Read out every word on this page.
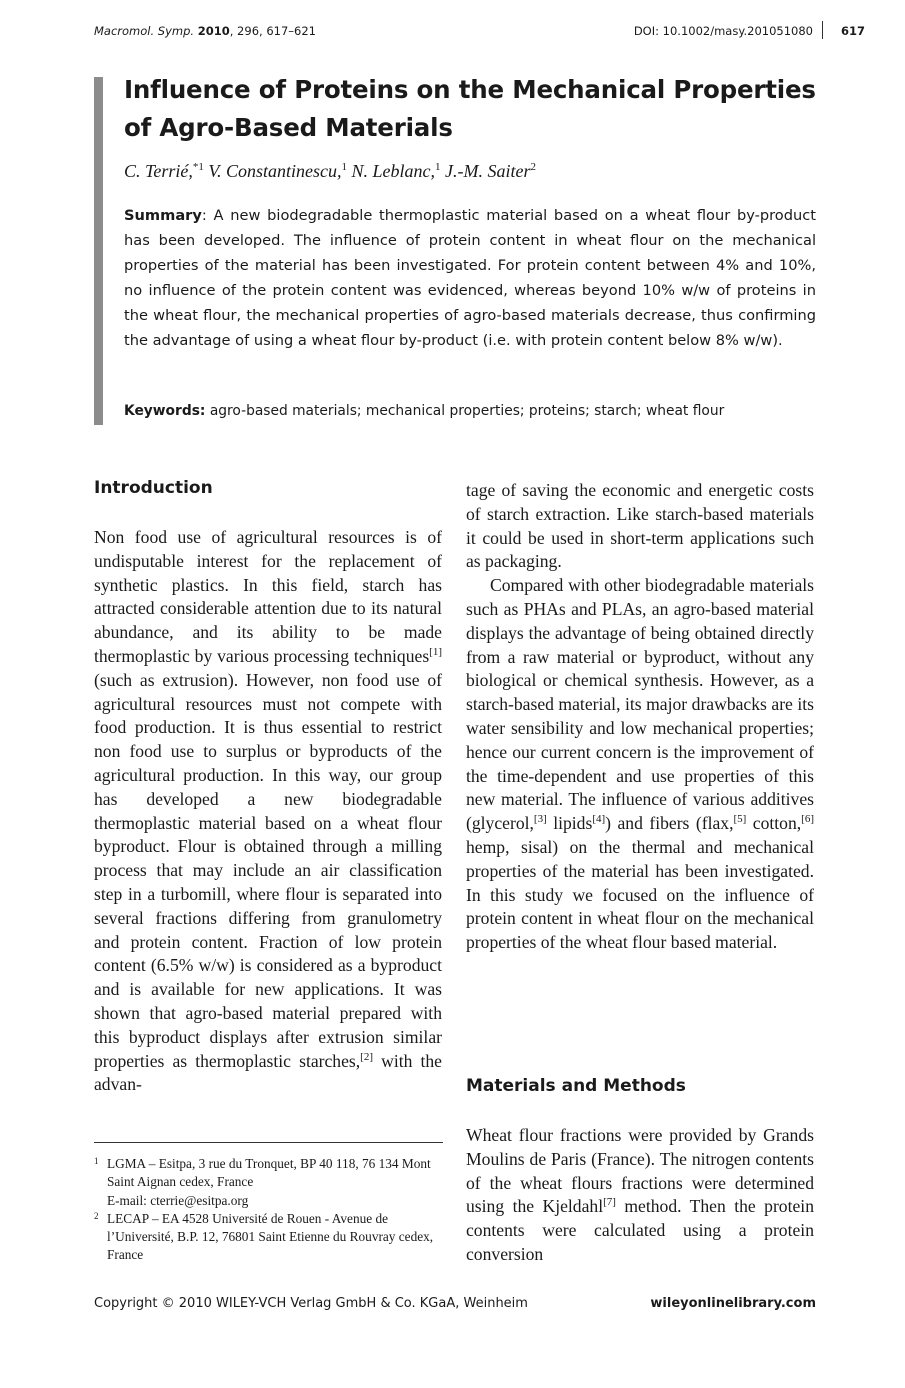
Macromol. Symp. 2010, 296, 617–621	DOI: 10.1002/masy.201051080 617
Influence of Proteins on the Mechanical Properties of Agro-Based Materials
C. Terrié,$^{*1}$ V. Constantinescu,$^1$ N. Leblanc,$^1$ J.-M. Saiter$^2$
Summary: A new biodegradable thermoplastic material based on a wheat flour by-product has been developed. The influence of protein content in wheat flour on the mechanical properties of the material has been investigated. For protein content between 4% and 10%, no influence of the protein content was evidenced, whereas beyond 10% w/w of proteins in the wheat flour, the mechanical properties of agro-based materials decrease, thus confirming the advantage of using a wheat flour by-product (i.e. with protein content below 8% w/w).
Keywords: agro-based materials; mechanical properties; proteins; starch; wheat flour
Introduction

Non food use of agricultural resources is of undisputable interest for the replacement of synthetic plastics. In this field, starch has attracted considerable attention due to its natural abundance, and its ability to be made thermoplastic by various processing techniques[1] (such as extrusion). However, non food use of agricultural resources must not compete with food production. It is thus essential to restrict non food use to surplus or byproducts of the agricultural production. In this way, our group has developed a new biodegradable thermoplastic material based on a wheat flour byproduct. Flour is obtained through a milling process that may include an air classification step in a turbomill, where flour is separated into several fractions differing from granulometry and protein content. Fraction of low protein content (6.5% w/w) is considered as a byproduct and is available for new applications. It was shown that agro-based material prepared with this byproduct displays after extrusion similar properties as thermoplastic starches,[2] with the advan-

tage of saving the economic and energetic costs of starch extraction. Like starch-based materials it could be used in short-term applications such as packaging.

Compared with other biodegradable materials such as PHAs and PLAs, an agro-based material displays the advantage of being obtained directly from a raw material or byproduct, without any biological or chemical synthesis. However, as a starch-based material, its major drawbacks are its water sensibility and low mechanical properties; hence our current concern is the improvement of the time-dependent and use properties of this new material. The influence of various additives (glycerol,[3] lipids[4]) and fibers (flax,[5] cotton,[6] hemp, sisal) on the thermal and mechanical properties of the material has been investigated. In this study we focused on the influence of protein content in wheat flour on the mechanical properties of the wheat flour based material.

Materials and Methods

Wheat flour fractions were provided by Grands Moulins de Paris (France). The nitrogen contents of the wheat flours fractions were determined using the Kjeldahl[7] method. Then the protein contents were calculated using a protein conversion

1 LGMA – Esitpa, 3 rue du Tronquet, BP 40 118, 76 134 Mont Saint Aignan cedex, France
E-mail: cterrie@esitpa.org
2 LECAP – EA 4528 Université de Rouen - Avenue de l’Université, B.P. 12, 76801 Saint Etienne du Rouvray cedex, France
Copyright © 2010 WILEY-VCH Verlag GmbH & Co. KGaA, Weinheim	wileyonlinelibrary.com
